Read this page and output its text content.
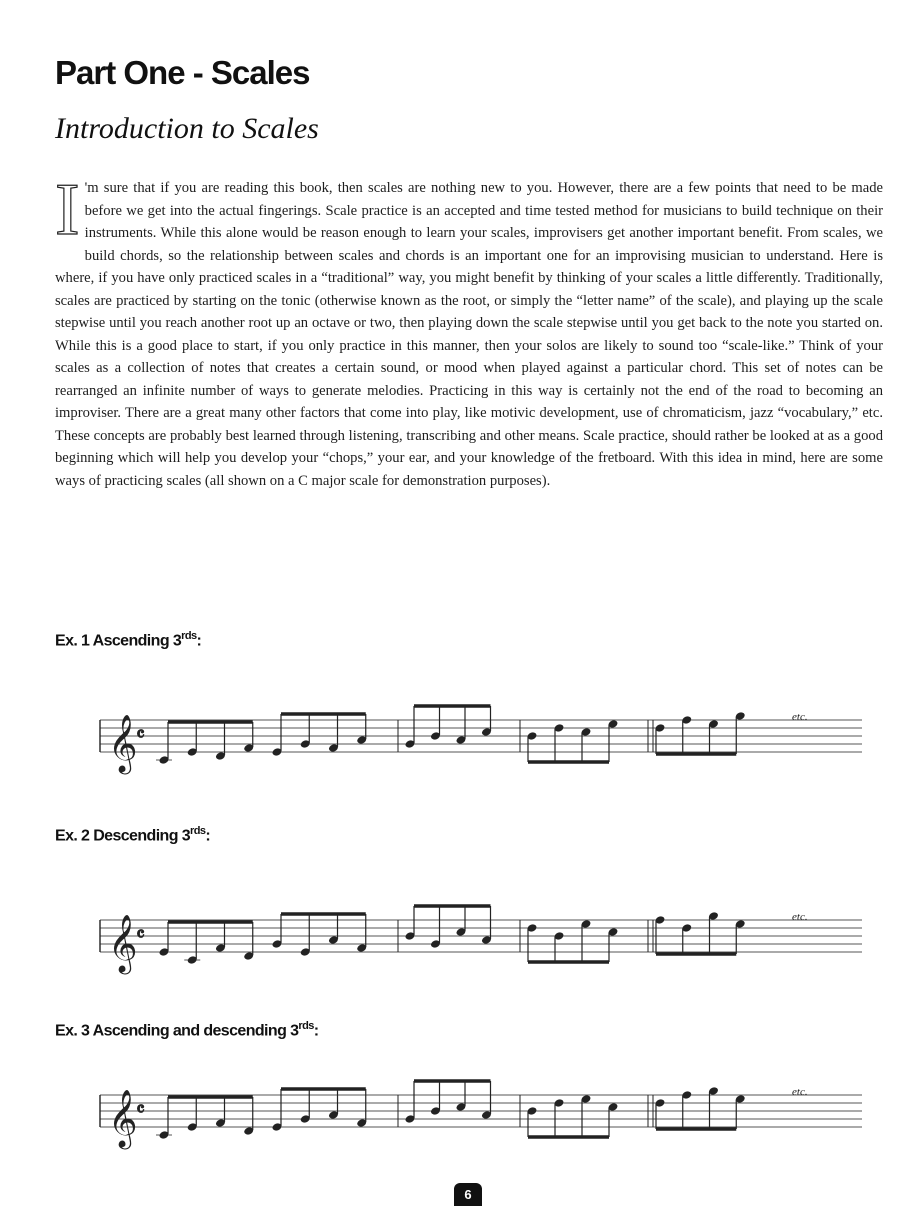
Part One - Scales
Introduction to Scales

I 'm sure that if you are reading this book, then scales are nothing new to you. However, there are a few points that need to be made before we get into the actual fingerings. Scale practice is an accepted and time tested method for musicians to build technique on their instruments. While this alone would be reason enough to learn your scales, improvisers get another important benefit. From scales, we build chords, so the relationship between scales and chords is an important one for an improvising musician to understand. Here is where, if you have only practiced scales in a “traditional” way, you might benefit by thinking of your scales a little differently. Traditionally, scales are practiced by starting on the tonic (otherwise known as the root, or simply the “letter name” of the scale), and playing up the scale stepwise until you reach another root up an octave or two, then playing down the scale stepwise until you get back to the note you started on. While this is a good place to start, if you only practice in this manner, then your solos are likely to sound too “scale-like.” Think of your scales as a collection of notes that creates a certain sound, or mood when played against a particular chord. This set of notes can be rearranged an infinite number of ways to generate melodies. Practicing in this way is certainly not the end of the road to becoming an improviser. There are a great many other factors that come into play, like motivic development, use of chromaticism, jazz “vocabulary,” etc. These concepts are probably best learned through listening, transcribing and other means. Scale practice, should rather be looked at as a good beginning which will help you develop your “chops,” your ear, and your knowledge of the fretboard. With this idea in mind, here are some ways of practicing scales (all shown on a C major scale for demonstration purposes).

Ex. 1 Ascending $3^{rds}$:
𝄞
𝄴
etc.
Ex. 2 Descending $3^{rds}$:
𝄞
𝄴
etc.
Ex. 3 Ascending and descending $3^{rds}$:
𝄞
𝄴
etc.
6
